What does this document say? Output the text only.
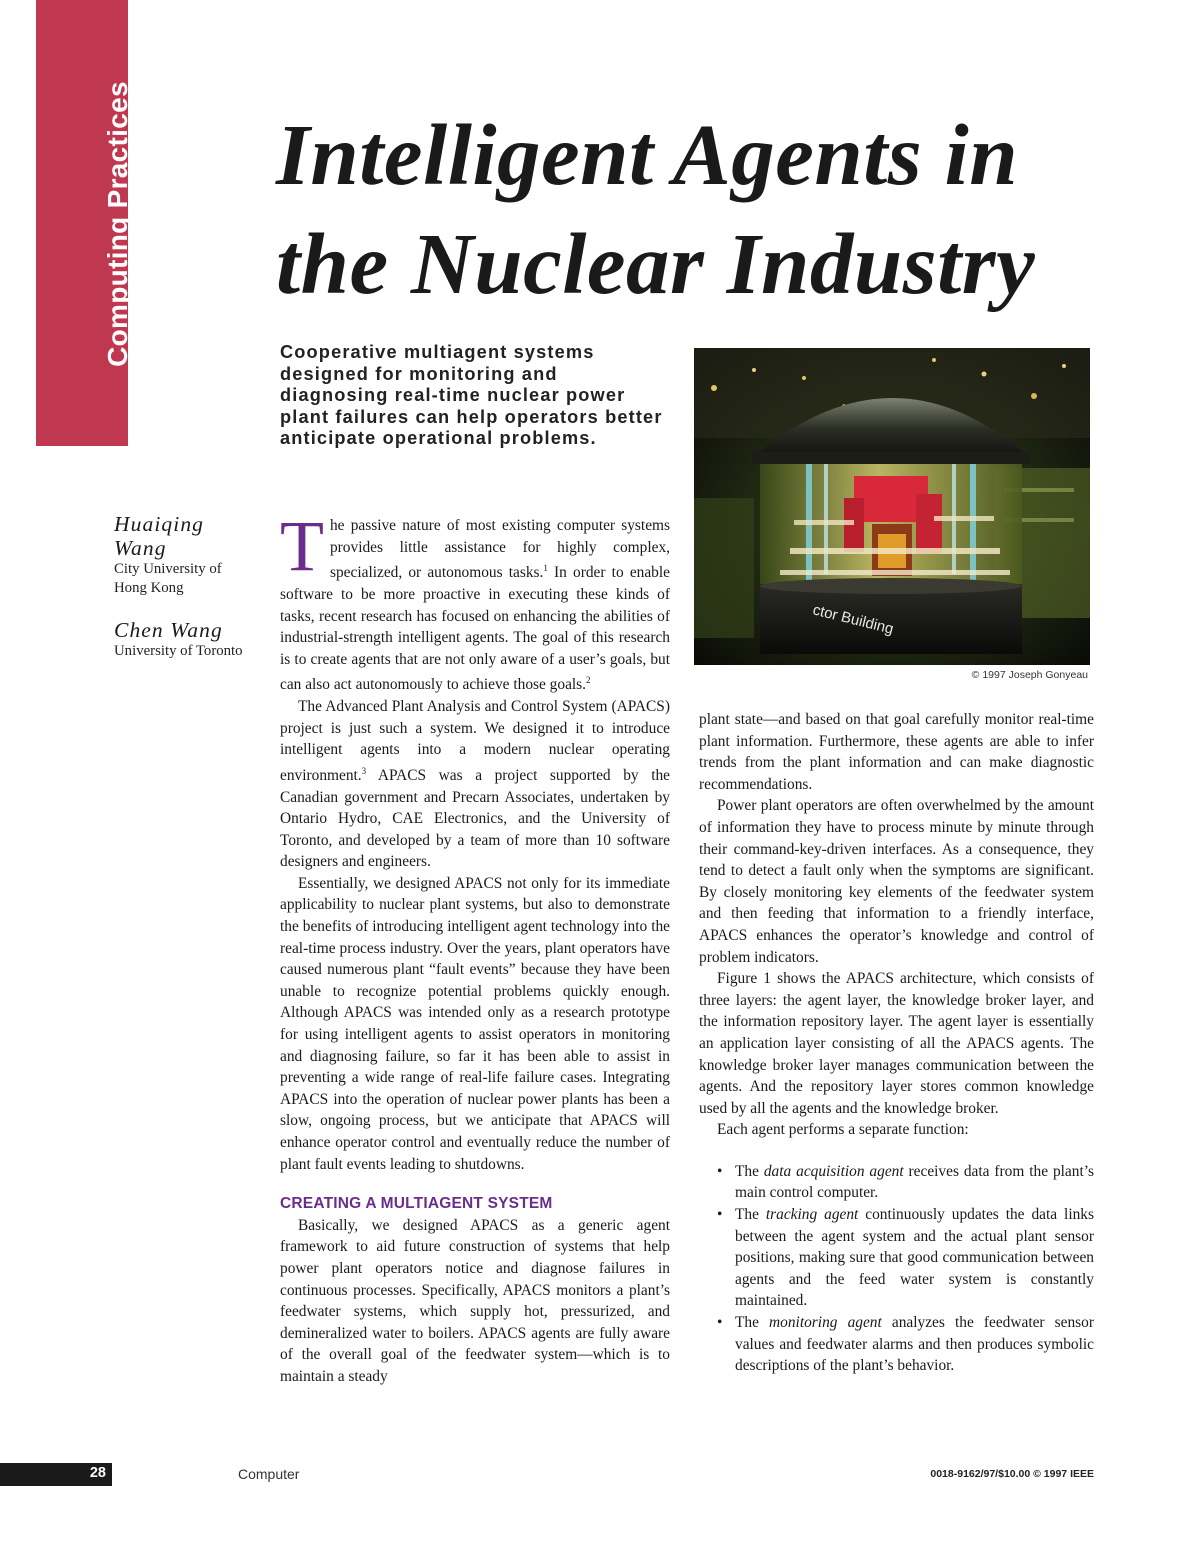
Computing Practices Intelligent Agents in
the Nuclear Industry

Cooperative multiagent systems designed for monitoring and diagnosing real-time nuclear power plant failures can help operators better anticipate operational problems.

Huaiqing Wang
City University of Hong Kong
Chen Wang
University of Toronto

The passive nature of most existing computer systems provides little assistance for highly complex, specialized, or autonomous tasks.$^1$ In order to enable software to be more proactive in executing these kinds of tasks, recent research has focused on enhancing the abilities of industrial-strength intelligent agents. The goal of this research is to create agents that are not only aware of a user’s goals, but can also act autonomously to achieve those goals.$^2$

The Advanced Plant Analysis and Control System (APACS) project is just such a system. We designed it to introduce intelligent agents into a modern nuclear operating environment.$^3$ APACS was a project supported by the Canadian government and Precarn Associates, undertaken by Ontario Hydro, CAE Electronics, and the University of Toronto, and developed by a team of more than 10 software designers and engineers.

Essentially, we designed APACS not only for its immediate applicability to nuclear plant systems, but also to demonstrate the benefits of introducing intelligent agent technology into the real-time process industry. Over the years, plant operators have caused numerous plant “fault events” because they have been unable to recognize potential problems quickly enough. Although APACS was intended only as a research prototype for using intelligent agents to assist operators in monitoring and diagnosing failure, so far it has been able to assist in preventing a wide range of real-life failure cases. Integrating APACS into the operation of nuclear power plants has been a slow, ongoing process, but we anticipate that APACS will enhance operator control and eventually reduce the number of plant fault events leading to shutdowns.

CREATING A MULTIAGENT SYSTEM

Basically, we designed APACS as a generic agent framework to aid future construction of systems that help power plant operators notice and diagnose failures in continuous processes. Specifically, APACS monitors a plant’s feedwater systems, which supply hot, pressurized, and demineralized water to boilers. APACS agents are fully aware of the overall goal of the feedwater system—which is to maintain a steady

ctor Building
© 1997 Joseph Gonyeau

plant state—and based on that goal carefully monitor real-time plant information. Furthermore, these agents are able to infer trends from the plant information and can make diagnostic recommendations.

Power plant operators are often overwhelmed by the amount of information they have to process minute by minute through their command-key-driven interfaces. As a consequence, they tend to detect a fault only when the symptoms are significant. By closely monitoring key elements of the feedwater system and then feeding that information to a friendly interface, APACS enhances the operator’s knowledge and control of problem indicators.

Figure 1 shows the APACS architecture, which consists of three layers: the agent layer, the knowledge broker layer, and the information repository layer. The agent layer is essentially an application layer consisting of all the APACS agents. The knowledge broker layer manages communication between the agents. And the repository layer stores common knowledge used by all the agents and the knowledge broker.

Each agent performs a separate function:

• The data acquisition agent receives data from the plant’s main control computer.
• The tracking agent continuously updates the data links between the agent system and the actual plant sensor positions, making sure that good communication between agents and the feed water system is constantly maintained.
• The monitoring agent analyzes the feedwater sensor values and feedwater alarms and then produces symbolic descriptions of the plant’s behavior.
28	Computer	0018-9162/97/$10.00 © 1997 IEEE
